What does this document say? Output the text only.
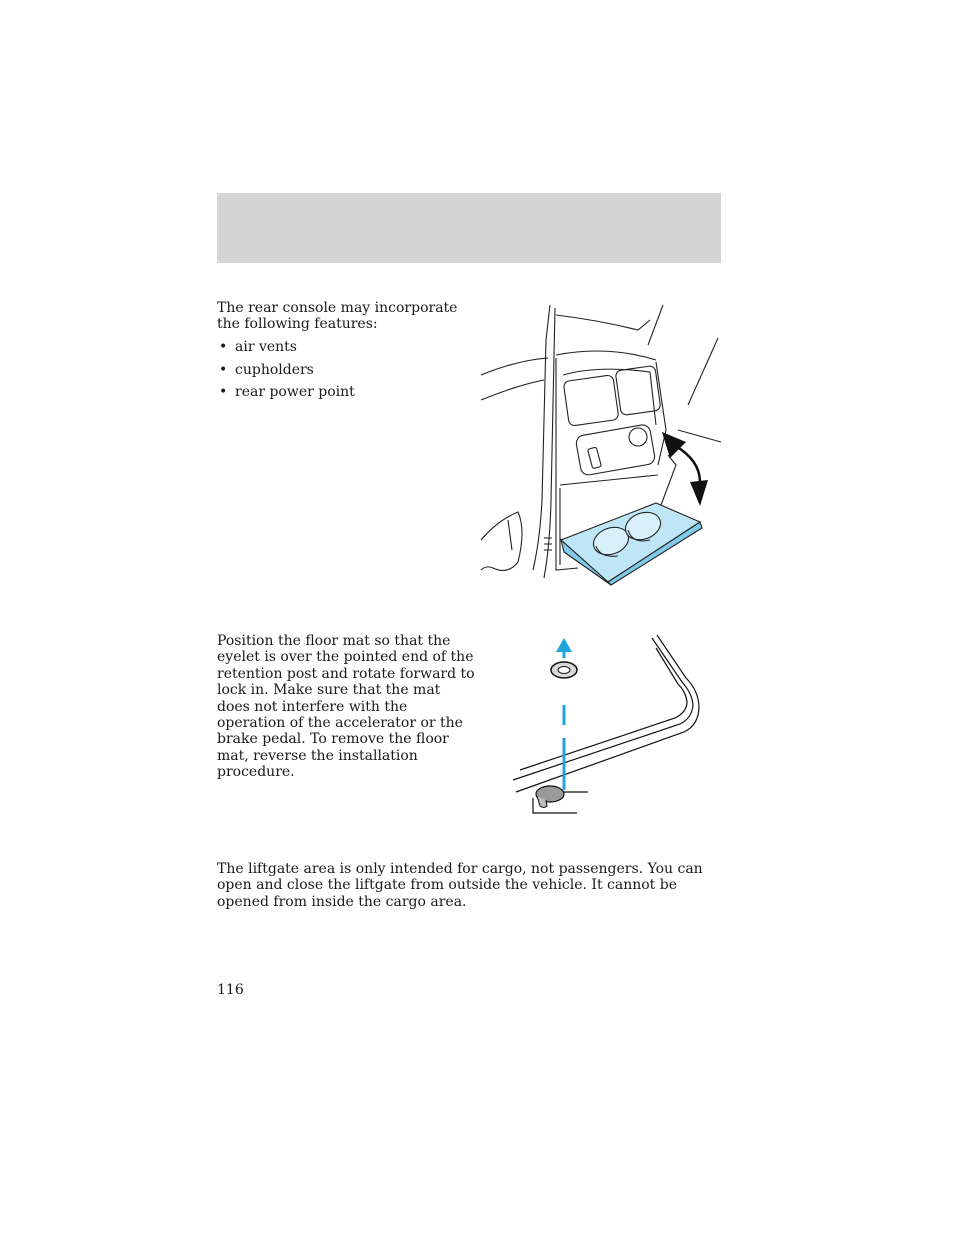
The rear console may incorporate the following features:

• air vents
• cupholders
• rear power point

Position the floor mat so that the eyelet is over the pointed end of the retention post and rotate forward to lock in. Make sure that the mat does not interfere with the operation of the accelerator or the brake pedal. To remove the floor mat, reverse the installation procedure.

The liftgate area is only intended for cargo, not passengers. You can open and close the liftgate from outside the vehicle. It cannot be opened from inside the cargo area.

116
